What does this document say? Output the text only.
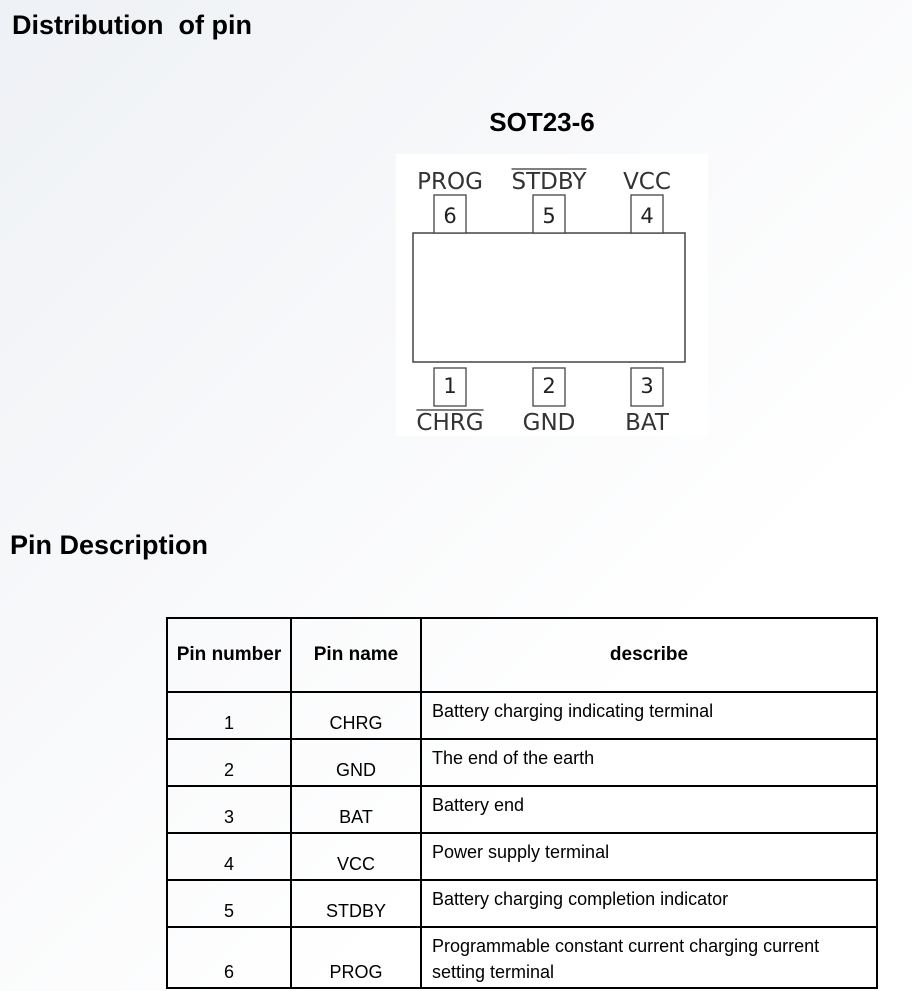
Distribution  of pin
SOT23-6
6
PROG
5
STDBY
4
VCC
1
CHRG
2
GND
3
BAT
Pin Description
Pin number	Pin name	describe
1	CHRG	Battery charging indicating terminal
2	GND	The end of the earth
3	BAT	Battery end
4	VCC	Power supply terminal
5	STDBY	Battery charging completion indicator
6	PROG	Programmable constant current charging current setting terminal
